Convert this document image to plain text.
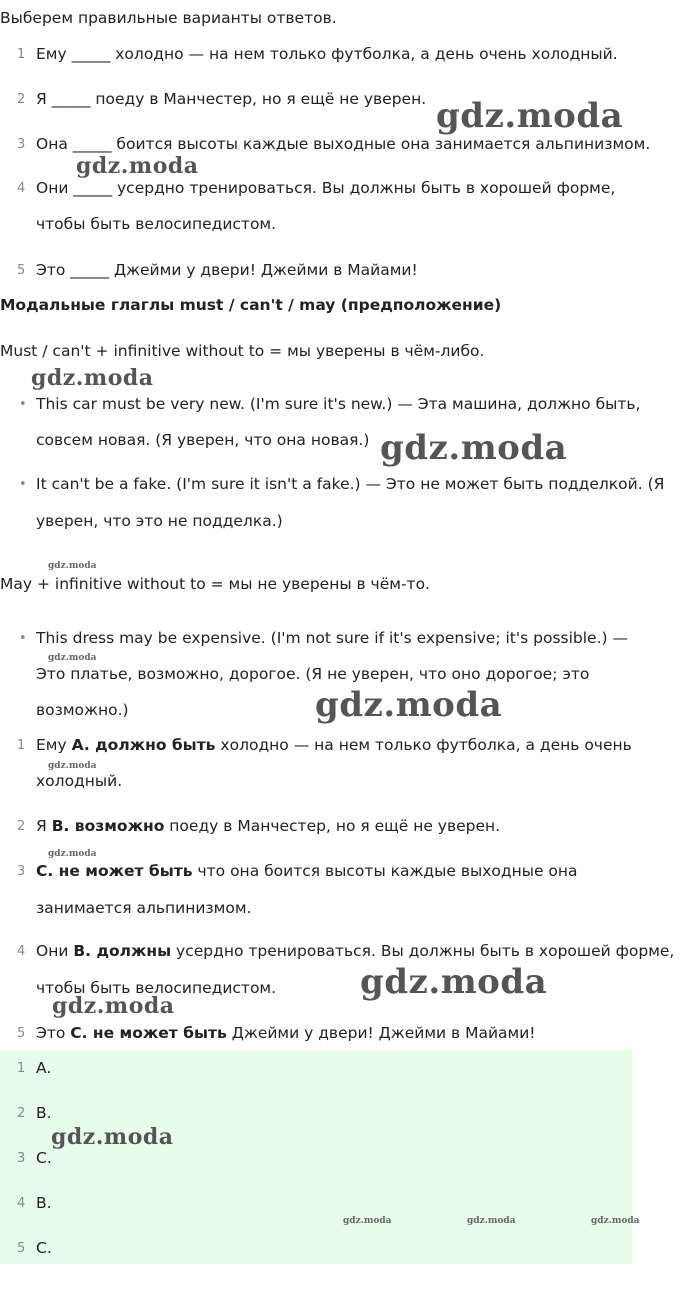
Выберем правильные варианты ответов.
1 Ему _____ холодно — на нем только футболка, а день очень холодный.
2 Я _____ поеду в Манчестер, но я ещё не уверен.
3 Она _____ боится высоты каждые выходные она занимается альпинизмом.
4 Они _____ усердно тренироваться. Вы должны быть в хорошей форме,
чтобы быть велосипедистом.
5 Это _____ Джейми у двери! Джейми в Майами!
Модальные глаглы must / can't / may (предположение)
Must / can't + infinitive without to = мы уверены в чём-либо.
• This car must be very new. (I'm sure it's new.) — Эта машина, должно быть,
совсем новая. (Я уверен, что она новая.)
• It can't be a fake. (I'm sure it isn't a fake.) — Это не может быть подделкой. (Я
уверен, что это не подделка.)
May + infinitive without to = мы не уверены в чём-то.
• This dress may be expensive. (I'm not sure if it's expensive; it's possible.) —
Это платье, возможно, дорогое. (Я не уверен, что оно дорогое; это
возможно.)
1 Ему A. должно быть холодно — на нем только футболка, а день очень
холодный.
2 Я B. возможно поеду в Манчестер, но я ещё не уверен.
3 C. не может быть что она боится высоты каждые выходные она
занимается альпинизмом.
4 Они B. должны усердно тренироваться. Вы должны быть в хорошей форме,
чтобы быть велосипедистом.
5 Это C. не может быть Джейми у двери! Джейми в Майами!
1 A.
2 B.
3 C.
4 B.
5 C.
gdz.moda
gdz.moda
gdz.moda
gdz.moda
gdz.moda
gdz.moda
gdz.moda
gdz.moda
gdz.moda
gdz.moda
gdz.moda
gdz.moda
gdz.moda	gdz.moda	gdz.moda
